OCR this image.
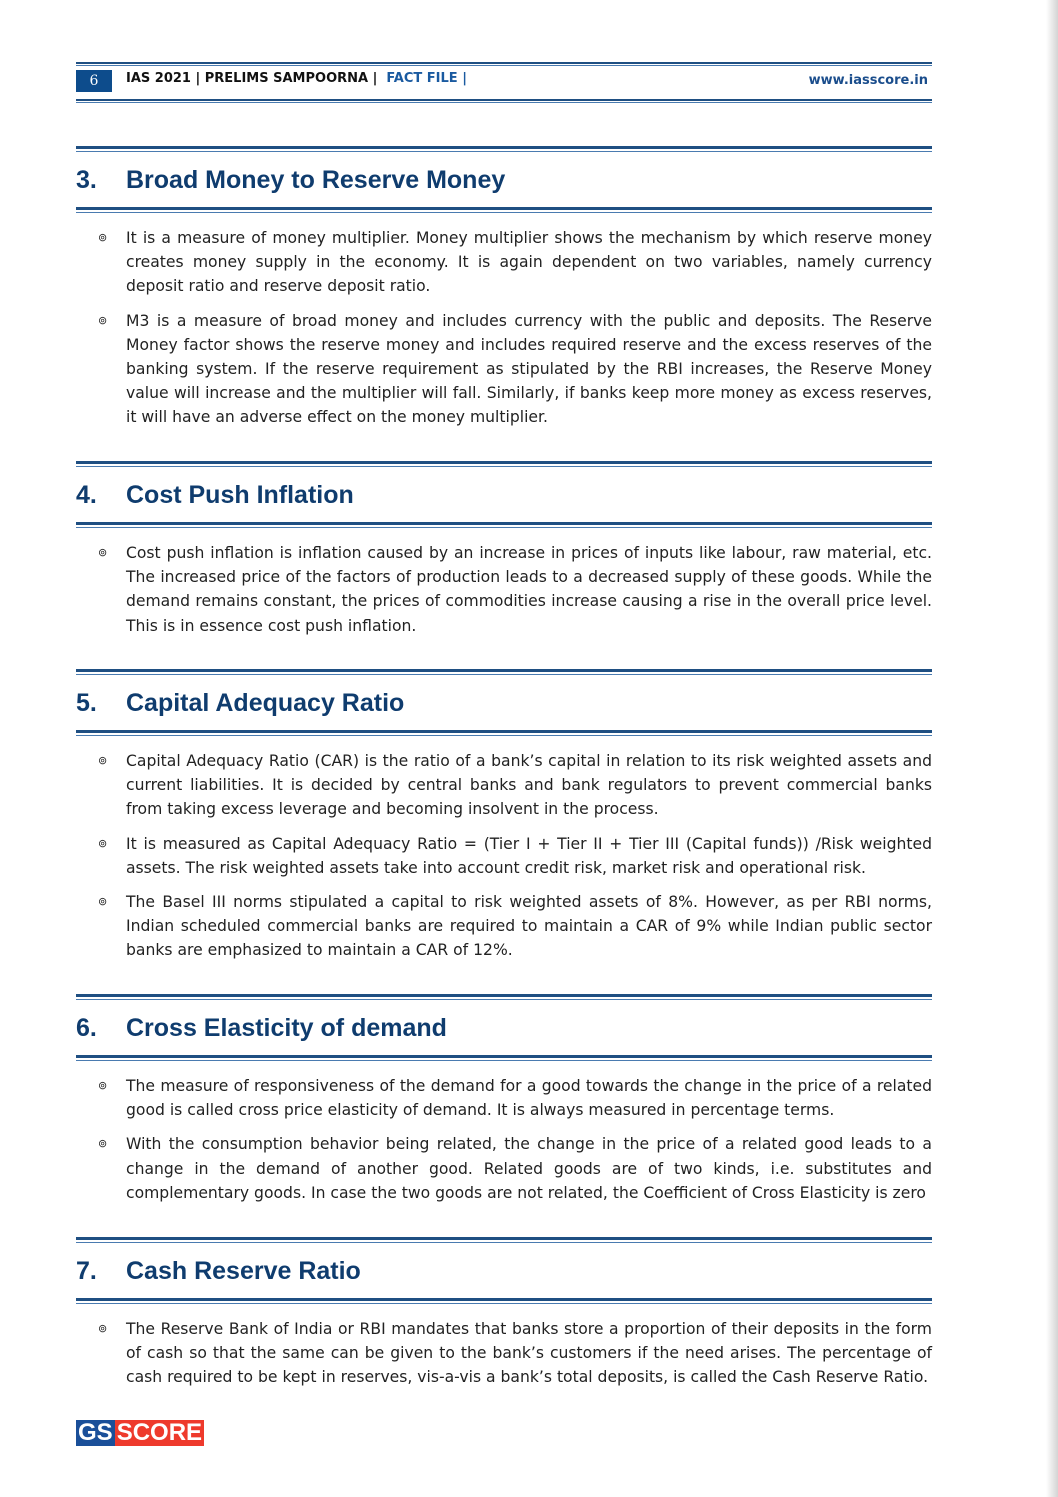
6	IAS 2021 | PRELIMS SAMPOORNA | FACT FILE |	www.iasscore.in
3. Broad Money to Reserve Money
⊚ It is a measure of money multiplier. Money multiplier shows the mechanism by which reserve money creates money supply in the economy. It is again dependent on two variables, namely currency deposit ratio and reserve deposit ratio.
⊚ M3 is a measure of broad money and includes currency with the public and deposits. The Reserve Money factor shows the reserve money and includes required reserve and the excess reserves of the banking system. If the reserve requirement as stipulated by the RBI increases, the Reserve Money value will increase and the multiplier will fall. Similarly, if banks keep more money as excess reserves, it will have an adverse effect on the money multiplier.
4. Cost Push Inflation
⊚ Cost push inflation is inflation caused by an increase in prices of inputs like labour, raw material, etc. The increased price of the factors of production leads to a decreased supply of these goods. While the demand remains constant, the prices of commodities increase causing a rise in the overall price level. This is in essence cost push inflation.
5. Capital Adequacy Ratio
⊚ Capital Adequacy Ratio (CAR) is the ratio of a bank’s capital in relation to its risk weighted assets and current liabilities. It is decided by central banks and bank regulators to prevent commercial banks from taking excess leverage and becoming insolvent in the process.
⊚ It is measured as Capital Adequacy Ratio = (Tier I + Tier II + Tier III (Capital funds)) /Risk weighted assets. The risk weighted assets take into account credit risk, market risk and operational risk.
⊚ The Basel III norms stipulated a capital to risk weighted assets of 8%. However, as per RBI norms, Indian scheduled commercial banks are required to maintain a CAR of 9% while Indian public sector banks are emphasized to maintain a CAR of 12%.
6. Cross Elasticity of demand
⊚ The measure of responsiveness of the demand for a good towards the change in the price of a related good is called cross price elasticity of demand. It is always measured in percentage terms.
⊚ With the consumption behavior being related, the change in the price of a related good leads to a change in the demand of another good. Related goods are of two kinds, i.e. substitutes and complementary goods. In case the two goods are not related, the Coefficient of Cross Elasticity is zero
7. Cash Reserve Ratio
⊚ The Reserve Bank of India or RBI mandates that banks store a proportion of their deposits in the form of cash so that the same can be given to the bank’s customers if the need arises. The percentage of cash required to be kept in reserves, vis-a-vis a bank’s total deposits, is called the Cash Reserve Ratio.
GS SCORE
